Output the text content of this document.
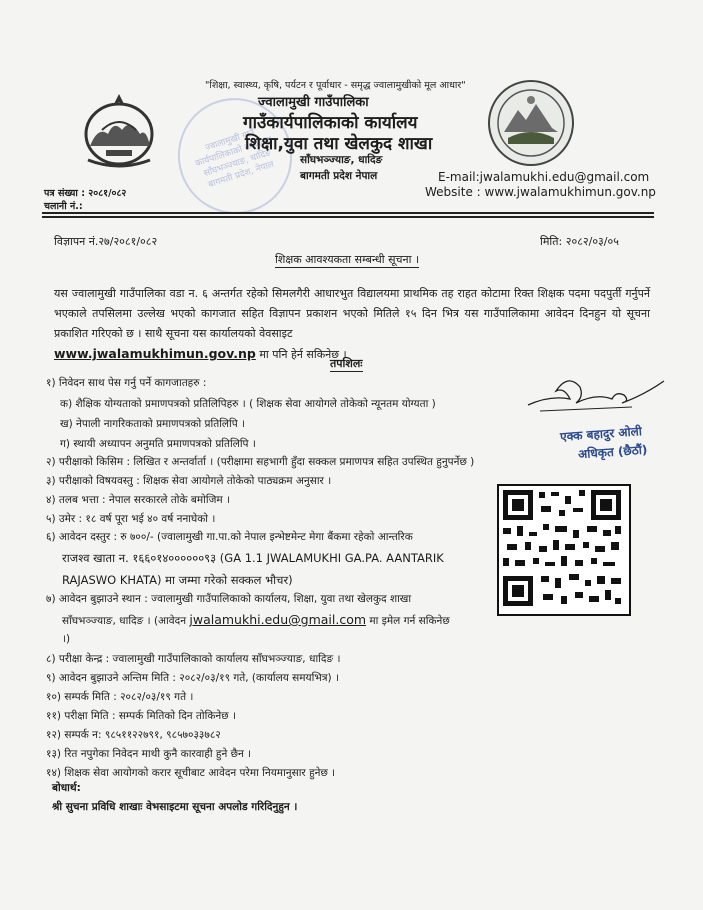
ज्वालामुखी गाउँ कार्यपालिकाको कार्यालय साँघभञ्ज्याङ, धादिङ बागमती प्रदेश, नेपाल
"शिक्षा, स्वास्थ्य, कृषि, पर्यटन र पूर्वाधार - समृद्ध ज्वालामुखीको मूल आधार"
ज्वालामुखी गाउँपालिका
गाउँकार्यपालिकाको कार्यालय
शिक्षा,युवा तथा खेलकुद शाखा
साँघभञ्ज्याङ, धादिङ
बागमती प्रदेश नेपाल	E-mail:jwalamukhi.edu@gmail.com
Website : www.jwalamukhimun.gov.np
पत्र संख्या : २०८१/०८२
चलानी नं.:
विज्ञापन नं.२७/२०८१/०८२	मिति: २०८२/०३/०५
शिक्षक आवश्यकता सम्बन्धी सूचना ।
यस ज्वालामुखी गाउँपालिका वडा न. ६ अन्तर्गत रहेको सिमलगैरी आधारभुत विद्यालयमा प्राथमिक तह राहत कोटामा रिक्त शिक्षक पदमा पदपुर्ती गर्नुपर्ने भएकाले तपसिलमा उल्लेख भएको कागजात सहित विज्ञापन प्रकाशन भएको मितिले १५ दिन भित्र यस गाउँपालिकामा आवेदन दिनहुन यो सूचना प्रकाशित गरिएको छ । साथै सूचना यस कार्यालयको वेवसाइट
www.jwalamukhimun.gov.np मा पनि हेर्न सकिनेछ ।
तपशिलः
१) निवेदन साथ पेस गर्नु पर्ने कागजातहरु :
क) शैक्षिक योग्यताको प्रमाणपत्रको प्रतिलिपिहरु । ( शिक्षक सेवा आयोगले तोकेको न्यूनतम योग्यता )
ख) नेपाली नागरिकताको प्रमाणपत्रको प्रतिलिपि ।
ग) स्थायी अध्यापन अनुमति प्रमाणपत्रको प्रतिलिपि ।
२) परीक्षाको किसिम : लिखित र अन्तर्वार्ता । (परीक्षामा सहभागी हुँदा सक्कल प्रमाणपत्र सहित उपस्थित हुनुपर्नेछ )
३) परीक्षाको विषयवस्तु : शिक्षक सेवा आयोगले तोकेको पाठ्यक्रम अनुसार ।
४) तलब भत्ता : नेपाल सरकारले तोके बमोजिम ।
५) उमेर : १८ वर्ष पूरा भई ४० वर्ष ननाघेको ।
६) आवेदन दस्तुर : रु ७००/- (ज्वालामुखी गा.पा.को नेपाल इन्भेष्टमेन्ट मेगा बैंकमा रहेको आन्तरिक
राजश्व खाता न. १६६०१४००००००९३ (GA 1.1 JWALAMUKHI GA.PA. AANTARIK
RAJASWO KHATA) मा जम्मा गरेको सक्कल भौचर)
७) आवेदन बुझाउने स्थान : ज्वालामुखी गाउँपालिकाको कार्यालय, शिक्षा, युवा तथा खेलकुद शाखा
साँघभञ्ज्याङ, धादिङ । (आवेदन jwalamukhi.edu@gmail.com मा इमेल गर्न सकिनेछ
।)
८) परीक्षा केन्द्र : ज्वालामुखी गाउँपालिकाको कार्यालय साँघभञ्ज्याङ, धादिङ ।
९) आवेदन बुझाउने अन्तिम मिति : २०८२/०३/१९ गते, (कार्यालय समयभित्र) ।
१०) सम्पर्क मिति : २०८२/०३/१९ गते ।
११) परीक्षा मिति : सम्पर्क मितिको दिन तोकिनेछ ।
१२) सम्पर्क न: ९८५११२२७९१, ९८५७०३३७८२
१३) रित नपुगेका निवेदन माथी कुनै कारवाही हुने छैन ।
१४) शिक्षक सेवा आयोगको करार सूचीबाट आवेदन परेमा नियमानुसार हुनेछ ।
एक्क बहादुर ओली
अधिकृत (छैठौं)
बोधार्थ:
श्री सुचना प्रविधि शाखाः वेभसाइटमा सूचना अपलोड गरिदिनुहुन ।
